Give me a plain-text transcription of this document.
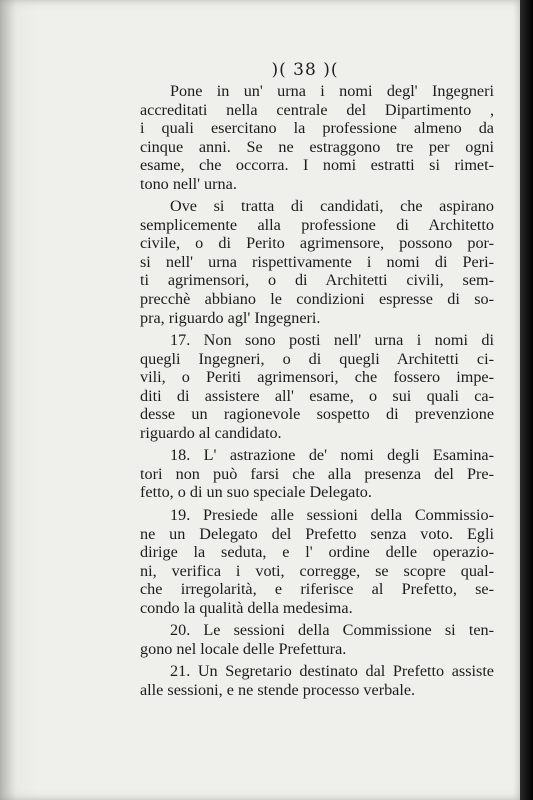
)( 38 )(
Pone in un' urna i nomi degl' Ingegneri
accreditati nella centrale del Dipartimento ,
i quali esercitano la professione almeno da
cinque anni. Se ne estraggono tre per ogni
esame, che occorra. I nomi estratti si rimet-
tono nell' urna.
Ove si tratta di candidati, che aspirano
semplicemente alla professione di Architetto
civile, o di Perito agrimensore, possono por-
si nell' urna rispettivamente i nomi di Peri-
ti agrimensori, o di Architetti civili, sem-
precchè abbiano le condizioni espresse di so-
pra, riguardo agl' Ingegneri.
17. Non sono posti nell' urna i nomi di
quegli Ingegneri, o di quegli Architetti ci-
vili, o Periti agrimensori, che fossero impe-
diti di assistere all' esame, o sui quali ca-
desse un ragionevole sospetto di prevenzione
riguardo al candidato.
18. L' astrazione de' nomi degli Esamina-
tori non può farsi che alla presenza del Pre-
fetto, o di un suo speciale Delegato.
19. Presiede alle sessioni della Commissio-
ne un Delegato del Prefetto senza voto. Egli
dirige la seduta, e l' ordine delle operazio-
ni, verifica i voti, corregge, se scopre qual-
che irregolarità, e riferisce al Prefetto, se-
condo la qualità della medesima.
20. Le sessioni della Commissione si ten-
gono nel locale delle Prefettura.
21. Un Segretario destinato dal Prefetto assiste
alle sessioni, e ne stende processo verbale.
